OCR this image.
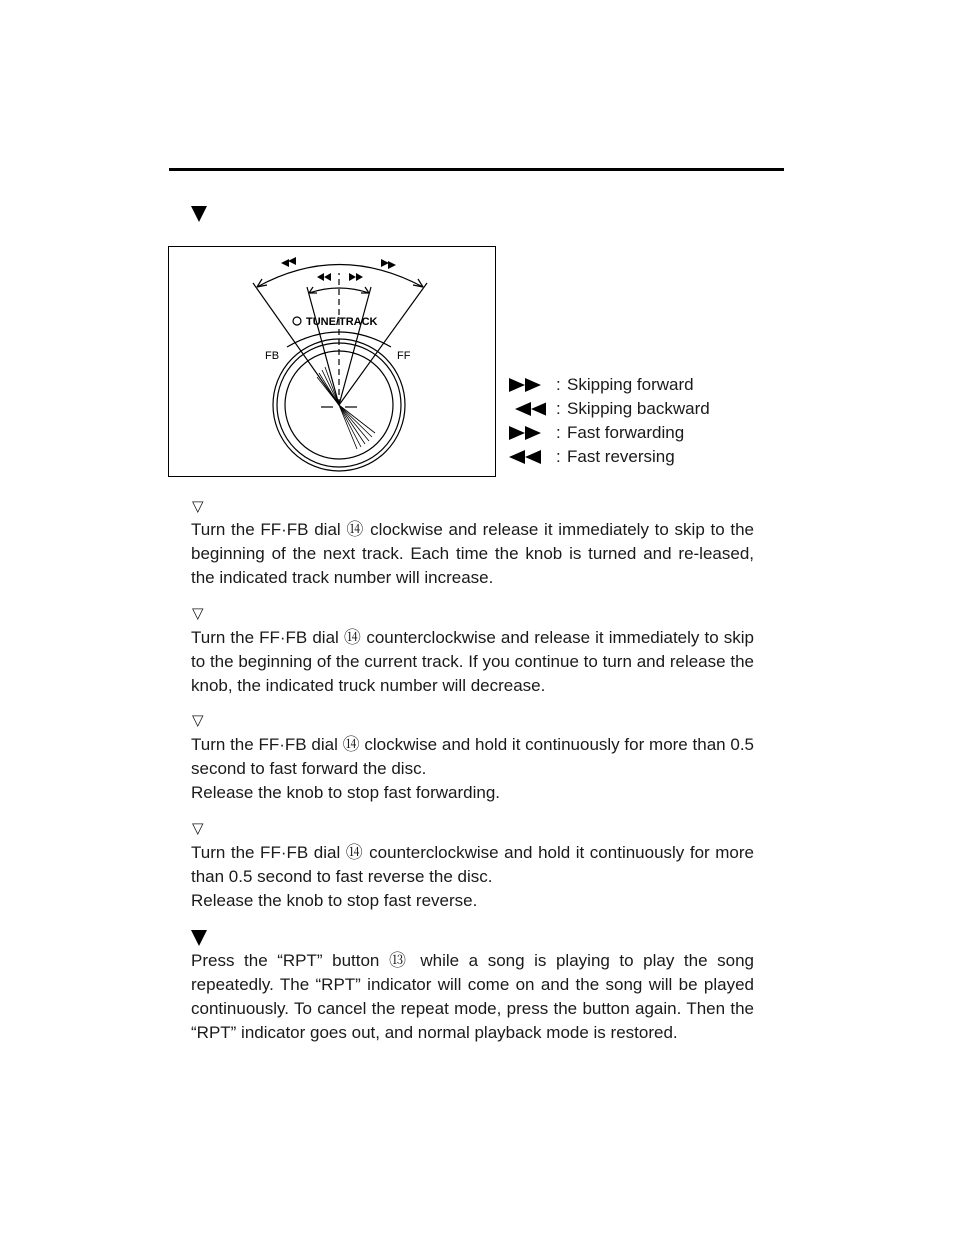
TUNE/TRACK
FB	FF
: Skipping forward
: Skipping backward
: Fast forwarding
: Fast reversing
▽

Turn the FF·FB dial ⑭ clockwise and release it immediately to skip to the beginning of the next track. Each time the knob is turned and re-leased, the indicated track number will increase.

▽

Turn the FF·FB dial ⑭ counterclockwise and release it immediately to skip to the beginning of the current track. If you continue to turn and release the knob, the indicated truck number will decrease.

▽

Turn the FF·FB dial ⑭ clockwise and hold it continuously for more than 0.5 second to fast forward the disc.
Release the knob to stop fast forwarding.

▽

Turn the FF·FB dial ⑭ counterclockwise and hold it continuously for more than 0.5 second to fast reverse the disc.
Release the knob to stop fast reverse.

Press the “RPT” button ⑬ while a song is playing to play the song repeatedly. The “RPT” indicator will come on and the song will be played continuously. To cancel the repeat mode, press the button again. Then the “RPT” indicator goes out, and normal playback mode is restored.
